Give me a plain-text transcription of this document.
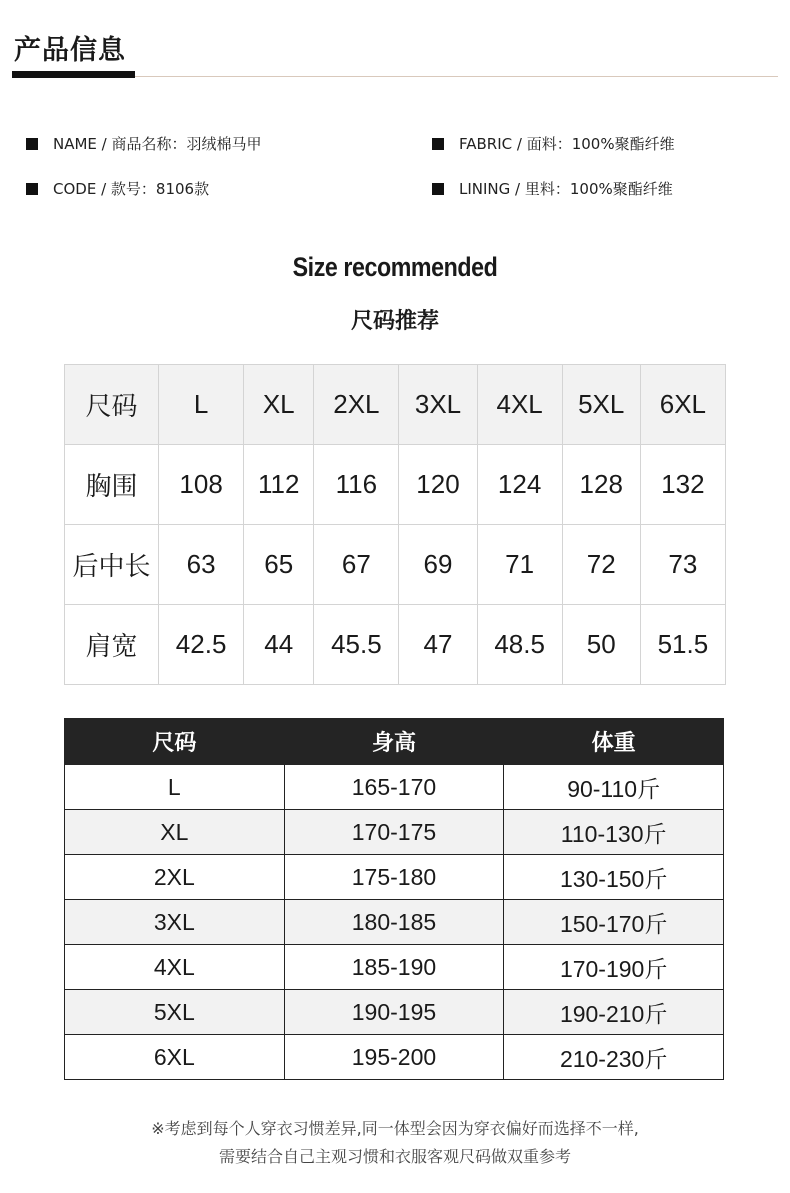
产品信息
NAME / 商品名称：羽绒棉马甲	FABRIC / 面料：100%聚酯纤维
CODE / 款号：8106款	LINING / 里料：100%聚酯纤维
Size recommended
尺码推荐
尺码	L	XL	2XL	3XL	4XL	5XL	6XL
胸围	108	112	116	120	124	128	132
后中长	63	65	67	69	71	72	73
肩宽	42.5	44	45.5	47	48.5	50	51.5
尺码	身高	体重
L	165-170	90-110斤
XL	170-175	110-130斤
2XL	175-180	130-150斤
3XL	180-185	150-170斤
4XL	185-190	170-190斤
5XL	190-195	190-210斤
6XL	195-200	210-230斤
※考虑到每个人穿衣习惯差异,同一体型会因为穿衣偏好而选择不一样,
需要结合自己主观习惯和衣服客观尺码做双重参考
